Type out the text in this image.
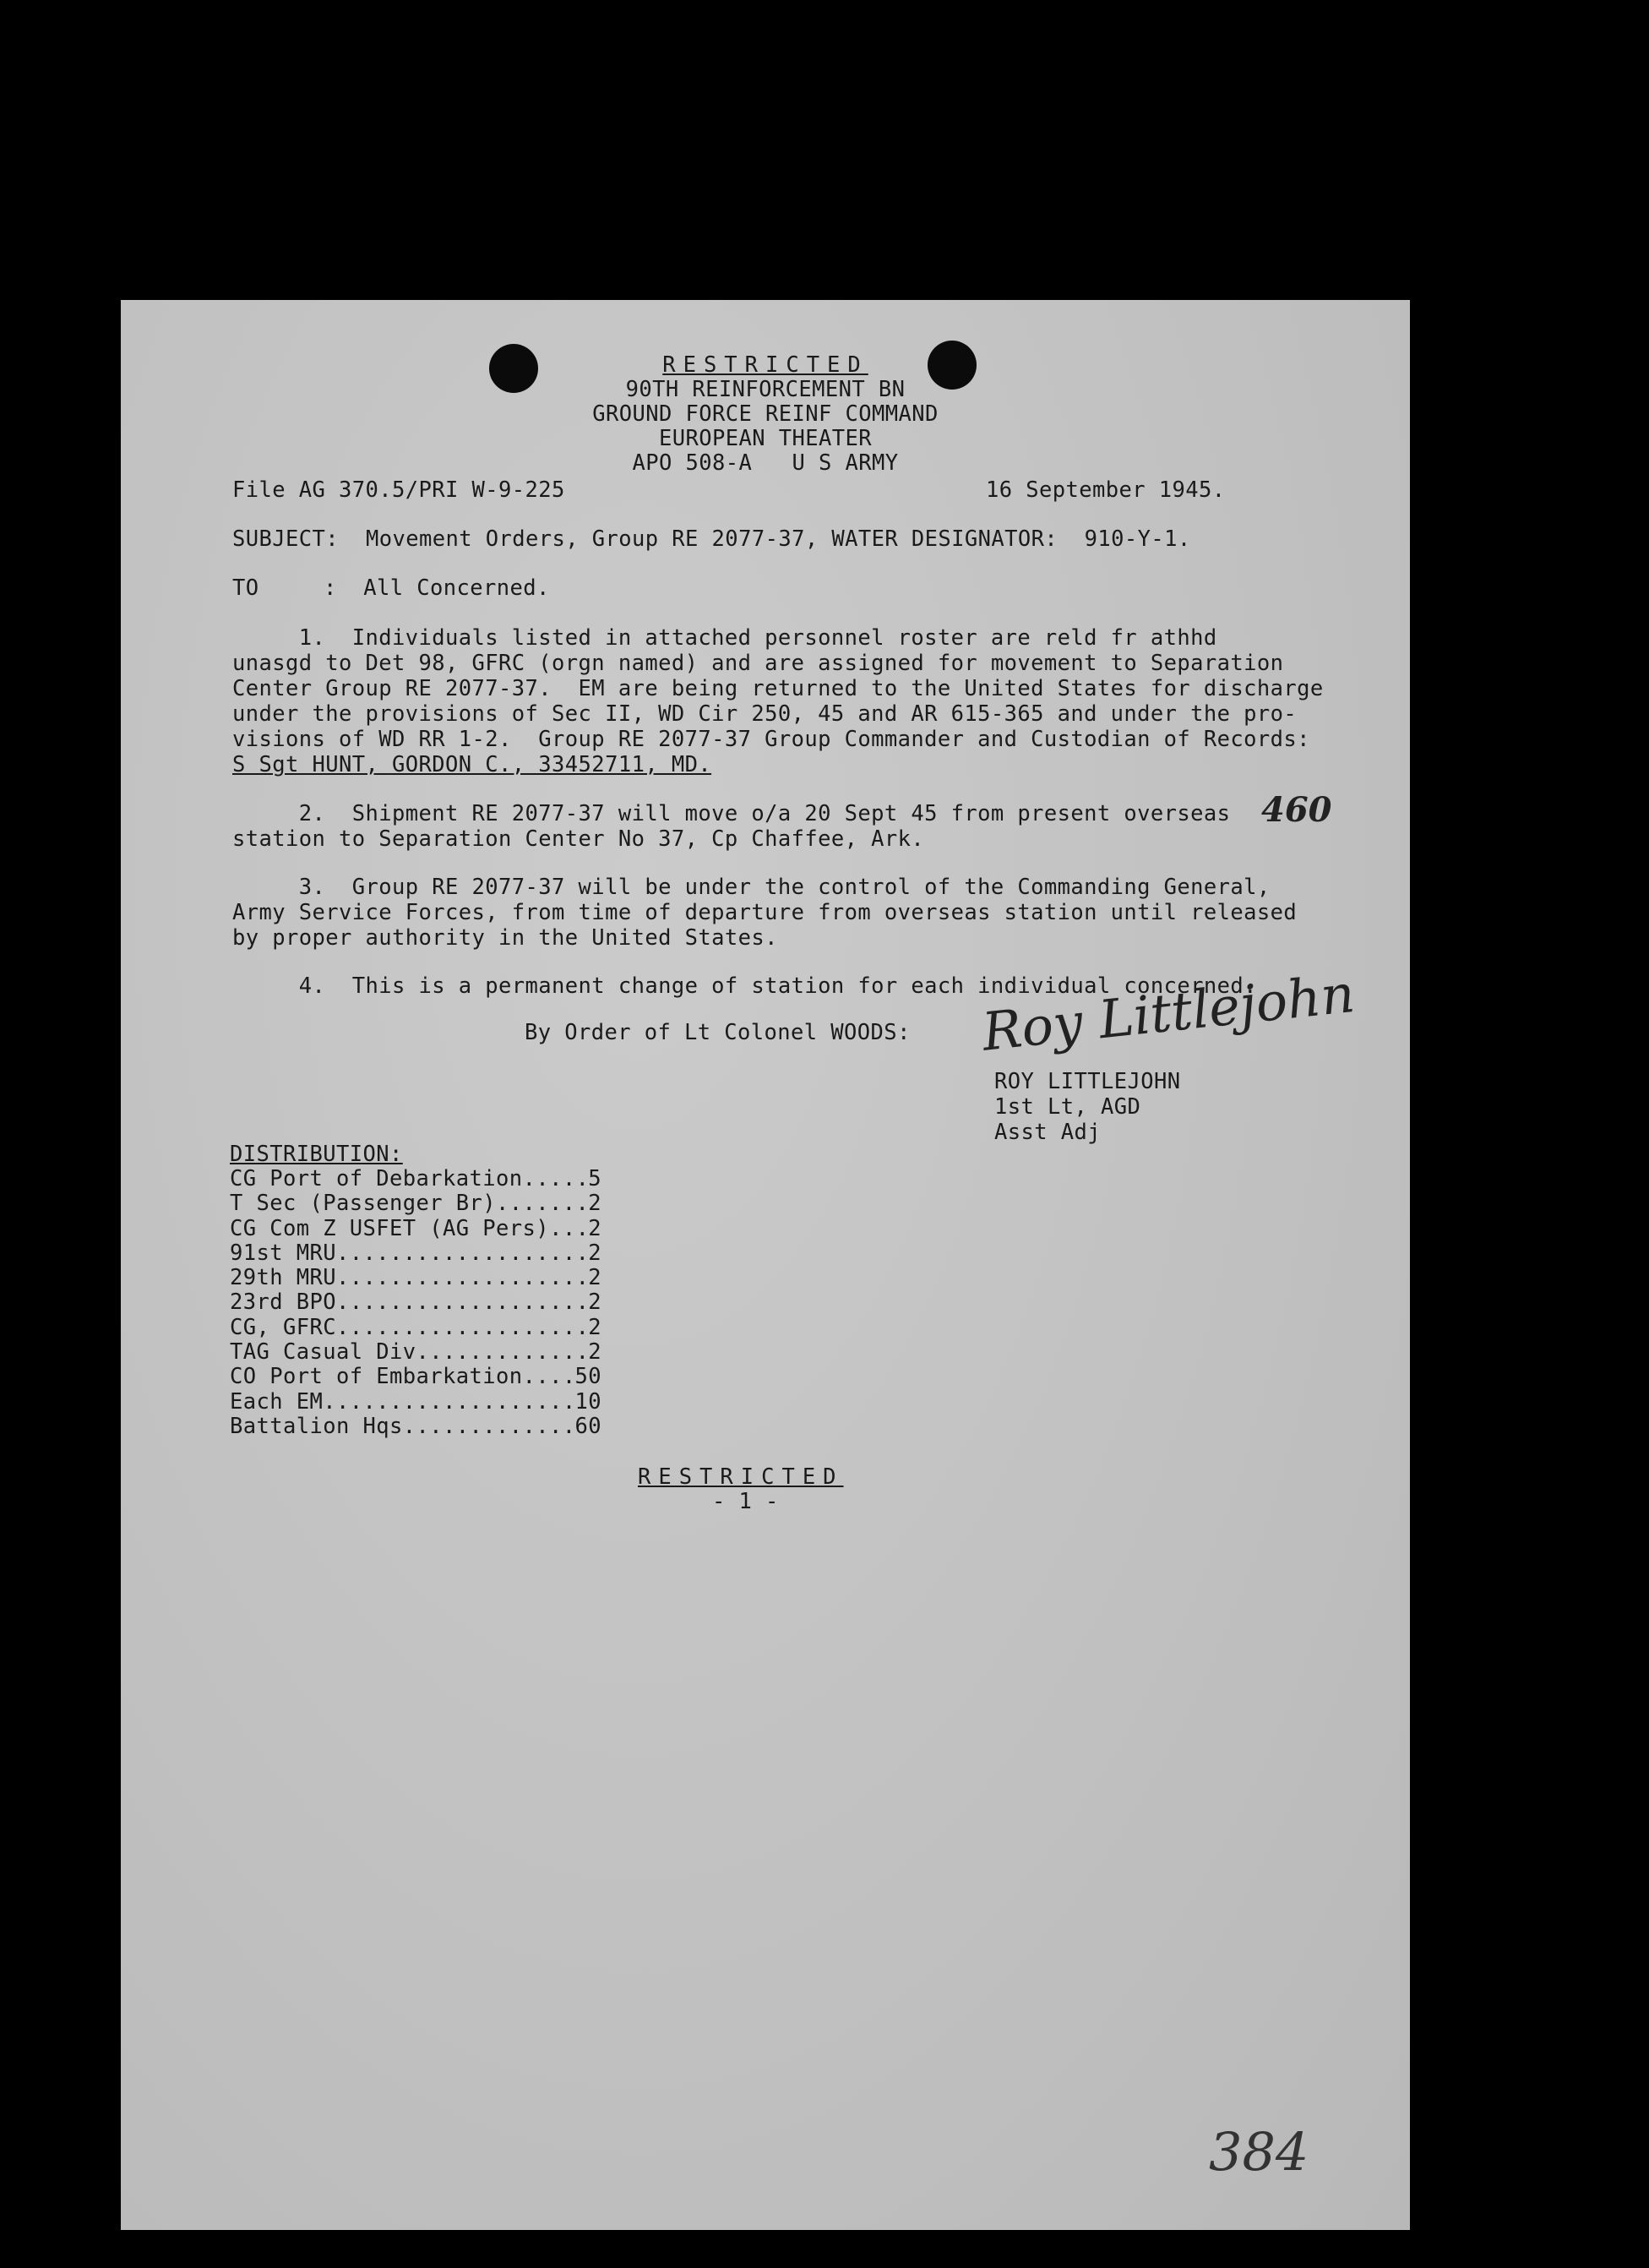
RESTRICTED
90TH REINFORCEMENT BN
GROUND FORCE REINF COMMAND
EUROPEAN THEATER
APO 508-A   U S ARMY
File AG 370.5/PRI W-9-225	16 September 1945.
SUBJECT: Movement Orders, Group RE 2077-37, WATER DESIGNATOR:  910-Y-1.
TO	:  All Concerned.
1.  Individuals listed in attached personnel roster are reld fr athhd
unasgd to Det 98, GFRC (orgn named) and are assigned for movement to Separation
Center Group RE 2077-37.  EM are being returned to the United States for discharge
under the provisions of Sec II, WD Cir 250, 45 and AR 615-365 and under the pro-
visions of WD RR 1-2.  Group RE 2077-37 Group Commander and Custodian of Records:
S Sgt HUNT, GORDON C., 33452711, MD.
2.  Shipment RE 2077-37 will move o/a 20 Sept 45 from present overseas
station to Separation Center No 37, Cp Chaffee, Ark.
460
3.  Group RE 2077-37 will be under the control of the Commanding General,
Army Service Forces, from time of departure from overseas station until released
by proper authority in the United States.
4.  This is a permanent change of station for each individual concerned.
By Order of Lt Colonel WOODS: Roy Littlejohn
ROY LITTLEJOHN
1st Lt, AGD
Asst Adj
DISTRIBUTION:
CG Port of Debarkation .....	5
T Sec (Passenger Br) .....	2
CG Com Z USFET (AG Pers) ..... 2
91st MRU .....	2
29th MRU .....	2
23rd BPO .....	2
CG, GFRC .....	2
TAG Casual Div .....	2
CO Port of Embarkation ..... 50
Each EM .....	10
Battalion Hqs .....	60
RESTRICTED
- 1 -
384
